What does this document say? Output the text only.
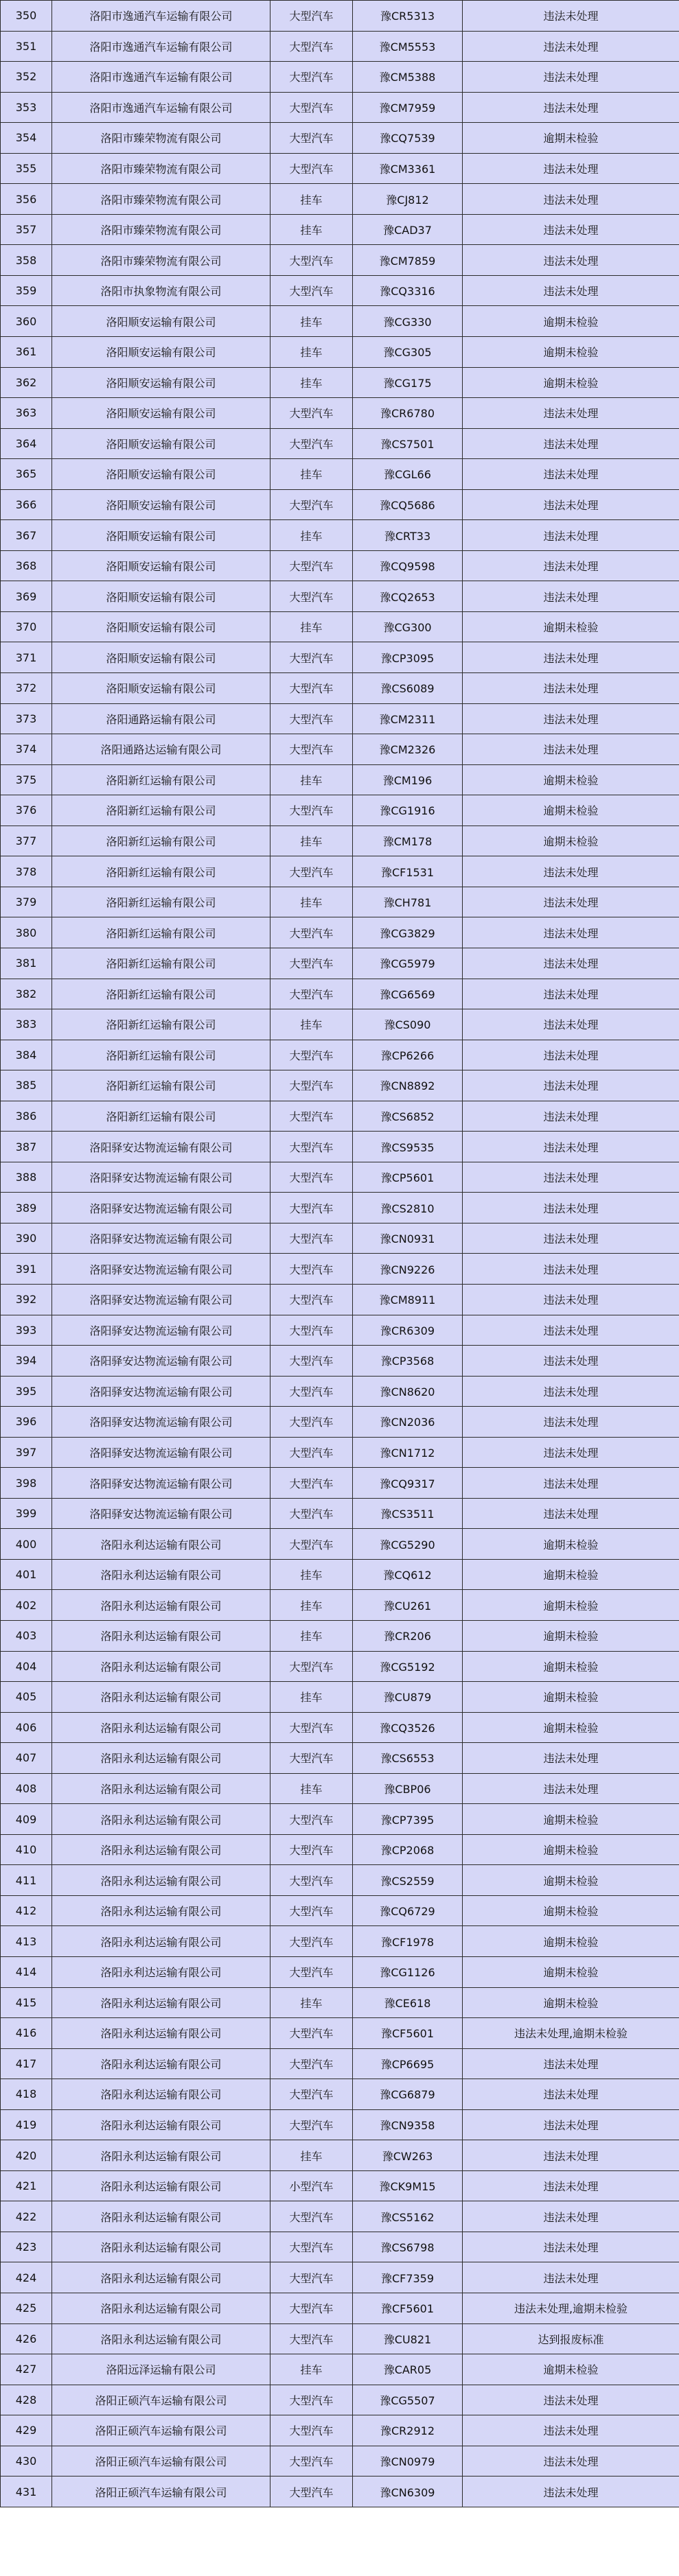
350	洛阳市逸通汽车运输有限公司	大型汽车	豫CR5313	违法未处理
351	洛阳市逸通汽车运输有限公司	大型汽车	豫CM5553	违法未处理
352	洛阳市逸通汽车运输有限公司	大型汽车	豫CM5388	违法未处理
353	洛阳市逸通汽车运输有限公司	大型汽车	豫CM7959	违法未处理
354	洛阳市臻荣物流有限公司	大型汽车	豫CQ7539	逾期未检验
355	洛阳市臻荣物流有限公司	大型汽车	豫CM3361	违法未处理
356	洛阳市臻荣物流有限公司	挂车	豫CJ812	违法未处理
357	洛阳市臻荣物流有限公司	挂车	豫CAD37	违法未处理
358	洛阳市臻荣物流有限公司	大型汽车	豫CM7859	违法未处理
359	洛阳市执象物流有限公司	大型汽车	豫CQ3316	违法未处理
360	洛阳顺安运输有限公司	挂车	豫CG330	逾期未检验
361	洛阳顺安运输有限公司	挂车	豫CG305	逾期未检验
362	洛阳顺安运输有限公司	挂车	豫CG175	逾期未检验
363	洛阳顺安运输有限公司	大型汽车	豫CR6780	违法未处理
364	洛阳顺安运输有限公司	大型汽车	豫CS7501	违法未处理
365	洛阳顺安运输有限公司	挂车	豫CGL66	违法未处理
366	洛阳顺安运输有限公司	大型汽车	豫CQ5686	违法未处理
367	洛阳顺安运输有限公司	挂车	豫CRT33	违法未处理
368	洛阳顺安运输有限公司	大型汽车	豫CQ9598	违法未处理
369	洛阳顺安运输有限公司	大型汽车	豫CQ2653	违法未处理
370	洛阳顺安运输有限公司	挂车	豫CG300	逾期未检验
371	洛阳顺安运输有限公司	大型汽车	豫CP3095	违法未处理
372	洛阳顺安运输有限公司	大型汽车	豫CS6089	违法未处理
373	洛阳通路运输有限公司	大型汽车	豫CM2311	违法未处理
374	洛阳通路达运输有限公司	大型汽车	豫CM2326	违法未处理
375	洛阳新红运输有限公司	挂车	豫CM196	逾期未检验
376	洛阳新红运输有限公司	大型汽车	豫CG1916	逾期未检验
377	洛阳新红运输有限公司	挂车	豫CM178	逾期未检验
378	洛阳新红运输有限公司	大型汽车	豫CF1531	违法未处理
379	洛阳新红运输有限公司	挂车	豫CH781	违法未处理
380	洛阳新红运输有限公司	大型汽车	豫CG3829	违法未处理
381	洛阳新红运输有限公司	大型汽车	豫CG5979	违法未处理
382	洛阳新红运输有限公司	大型汽车	豫CG6569	违法未处理
383	洛阳新红运输有限公司	挂车	豫CS090	违法未处理
384	洛阳新红运输有限公司	大型汽车	豫CP6266	违法未处理
385	洛阳新红运输有限公司	大型汽车	豫CN8892	违法未处理
386	洛阳新红运输有限公司	大型汽车	豫CS6852	违法未处理
387	洛阳驿安达物流运输有限公司	大型汽车	豫CS9535	违法未处理
388	洛阳驿安达物流运输有限公司	大型汽车	豫CP5601	违法未处理
389	洛阳驿安达物流运输有限公司	大型汽车	豫CS2810	违法未处理
390	洛阳驿安达物流运输有限公司	大型汽车	豫CN0931	违法未处理
391	洛阳驿安达物流运输有限公司	大型汽车	豫CN9226	违法未处理
392	洛阳驿安达物流运输有限公司	大型汽车	豫CM8911	违法未处理
393	洛阳驿安达物流运输有限公司	大型汽车	豫CR6309	违法未处理
394	洛阳驿安达物流运输有限公司	大型汽车	豫CP3568	违法未处理
395	洛阳驿安达物流运输有限公司	大型汽车	豫CN8620	违法未处理
396	洛阳驿安达物流运输有限公司	大型汽车	豫CN2036	违法未处理
397	洛阳驿安达物流运输有限公司	大型汽车	豫CN1712	违法未处理
398	洛阳驿安达物流运输有限公司	大型汽车	豫CQ9317	违法未处理
399	洛阳驿安达物流运输有限公司	大型汽车	豫CS3511	违法未处理
400	洛阳永利达运输有限公司	大型汽车	豫CG5290	逾期未检验
401	洛阳永利达运输有限公司	挂车	豫CQ612	逾期未检验
402	洛阳永利达运输有限公司	挂车	豫CU261	逾期未检验
403	洛阳永利达运输有限公司	挂车	豫CR206	逾期未检验
404	洛阳永利达运输有限公司	大型汽车	豫CG5192	逾期未检验
405	洛阳永利达运输有限公司	挂车	豫CU879	逾期未检验
406	洛阳永利达运输有限公司	大型汽车	豫CQ3526	逾期未检验
407	洛阳永利达运输有限公司	大型汽车	豫CS6553	违法未处理
408	洛阳永利达运输有限公司	挂车	豫CBP06	违法未处理
409	洛阳永利达运输有限公司	大型汽车	豫CP7395	逾期未检验
410	洛阳永利达运输有限公司	大型汽车	豫CP2068	逾期未检验
411	洛阳永利达运输有限公司	大型汽车	豫CS2559	逾期未检验
412	洛阳永利达运输有限公司	大型汽车	豫CQ6729	逾期未检验
413	洛阳永利达运输有限公司	大型汽车	豫CF1978	逾期未检验
414	洛阳永利达运输有限公司	大型汽车	豫CG1126	逾期未检验
415	洛阳永利达运输有限公司	挂车	豫CE618	逾期未检验
416	洛阳永利达运输有限公司	大型汽车	豫CF5601	违法未处理,逾期未检验
417	洛阳永利达运输有限公司	大型汽车	豫CP6695	违法未处理
418	洛阳永利达运输有限公司	大型汽车	豫CG6879	违法未处理
419	洛阳永利达运输有限公司	大型汽车	豫CN9358	违法未处理
420	洛阳永利达运输有限公司	挂车	豫CW263	违法未处理
421	洛阳永利达运输有限公司	小型汽车	豫CK9M15	违法未处理
422	洛阳永利达运输有限公司	大型汽车	豫CS5162	违法未处理
423	洛阳永利达运输有限公司	大型汽车	豫CS6798	违法未处理
424	洛阳永利达运输有限公司	大型汽车	豫CF7359	违法未处理
425	洛阳永利达运输有限公司	大型汽车	豫CF5601	违法未处理,逾期未检验
426	洛阳永利达运输有限公司	大型汽车	豫CU821	达到报废标准
427	洛阳远泽运输有限公司	挂车	豫CAR05	逾期未检验
428	洛阳正硕汽车运输有限公司	大型汽车	豫CG5507	违法未处理
429	洛阳正硕汽车运输有限公司	大型汽车	豫CR2912	违法未处理
430	洛阳正硕汽车运输有限公司	大型汽车	豫CN0979	违法未处理
431	洛阳正硕汽车运输有限公司	大型汽车	豫CN6309	违法未处理
